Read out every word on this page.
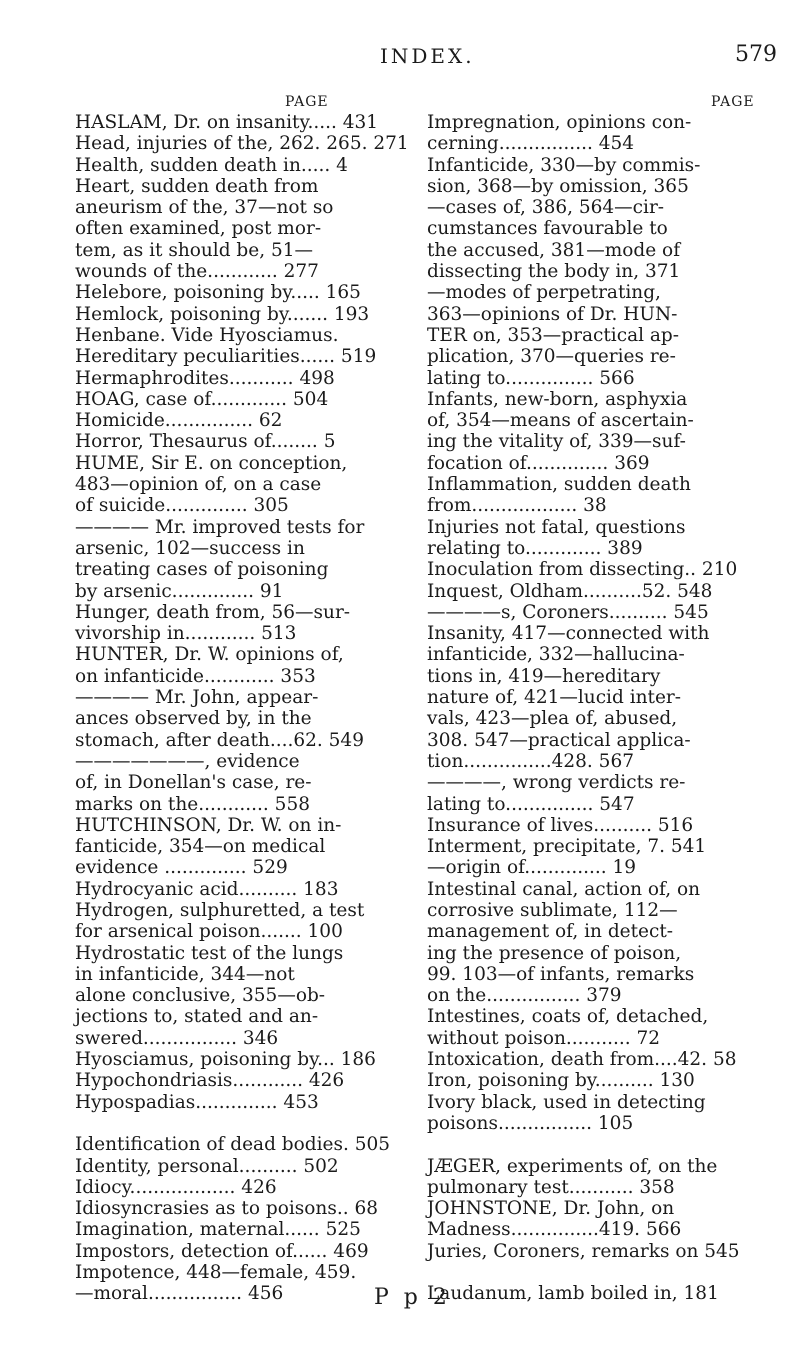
INDEX.	579
PAGE	PAGE
HASLAM, Dr. on insanity..... 431
Head, injuries of the, 262. 265. 271
Health, sudden death in..... 4
Heart, sudden death from
aneurism of the, 37—not so
often examined, post mor-
tem, as it should be, 51—
wounds of the............ 277
Helebore, poisoning by..... 165
Hemlock, poisoning by....... 193
Henbane. Vide Hyosciamus.
Hereditary peculiarities...... 519
Hermaphrodites........... 498
HOAG, case of............. 504
Homicide............... 62
Horror, Thesaurus of........ 5
HUME, Sir E. on conception,
483—opinion of, on a case
of suicide.............. 305
———— Mr. improved tests for
arsenic, 102—success in
treating cases of poisoning
by arsenic.............. 91
Hunger, death from, 56—sur-
vivorship in............ 513
HUNTER, Dr. W. opinions of,
on infanticide............ 353
———— Mr. John, appear-
ances observed by, in the
stomach, after death....62. 549
———————, evidence
of, in Donellan's case, re-
marks on the............ 558
HUTCHINSON, Dr. W. on in-
fanticide, 354—on medical
evidence .............. 529
Hydrocyanic acid.......... 183
Hydrogen, sulphuretted, a test
for arsenical poison....... 100
Hydrostatic test of the lungs
in infanticide, 344—not
alone conclusive, 355—ob-
jections to, stated and an-
swered................ 346
Hyosciamus, poisoning by... 186
Hypochondriasis............ 426
Hypospadias.............. 453

Identification of dead bodies. 505
Identity, personal.......... 502
Idiocy.................. 426
Idiosyncrasies as to poisons.. 68
Imagination, maternal...... 525
Impostors, detection of...... 469
Impotence, 448—female, 459.
—moral................ 456
Impregnation, opinions con-
cerning................ 454
Infanticide, 330—by commis-
sion, 368—by omission, 365
—cases of, 386, 564—cir-
cumstances favourable to
the accused, 381—mode of
dissecting the body in, 371
—modes of perpetrating,
363—opinions of Dr. HUN-
TER on, 353—practical ap-
plication, 370—queries re-
lating to............... 566
Infants, new-born, asphyxia
of, 354—means of ascertain-
ing the vitality of, 339—suf-
focation of.............. 369
Inflammation, sudden death
from.................. 38
Injuries not fatal, questions
relating to............. 389
Inoculation from dissecting.. 210
Inquest, Oldham..........52. 548
————s, Coroners.......... 545
Insanity, 417—connected with
infanticide, 332—hallucina-
tions in, 419—hereditary
nature of, 421—lucid inter-
vals, 423—plea of, abused,
308. 547—practical applica-
tion...............428. 567
————, wrong verdicts re-
lating to............... 547
Insurance of lives.......... 516
Interment, precipitate, 7. 541
—origin of.............. 19
Intestinal canal, action of, on
corrosive sublimate, 112—
management of, in detect-
ing the presence of poison,
99. 103—of infants, remarks
on the................ 379
Intestines, coats of, detached,
without poison........... 72
Intoxication, death from....42. 58
Iron, poisoning by.......... 130
Ivory black, used in detecting
poisons................ 105

JÆGER, experiments of, on the
pulmonary test........... 358
JOHNSTONE, Dr. John, on
Madness...............419. 566
Juries, Coroners, remarks on 545

Laudanum, lamb boiled in, 181
P p 2
